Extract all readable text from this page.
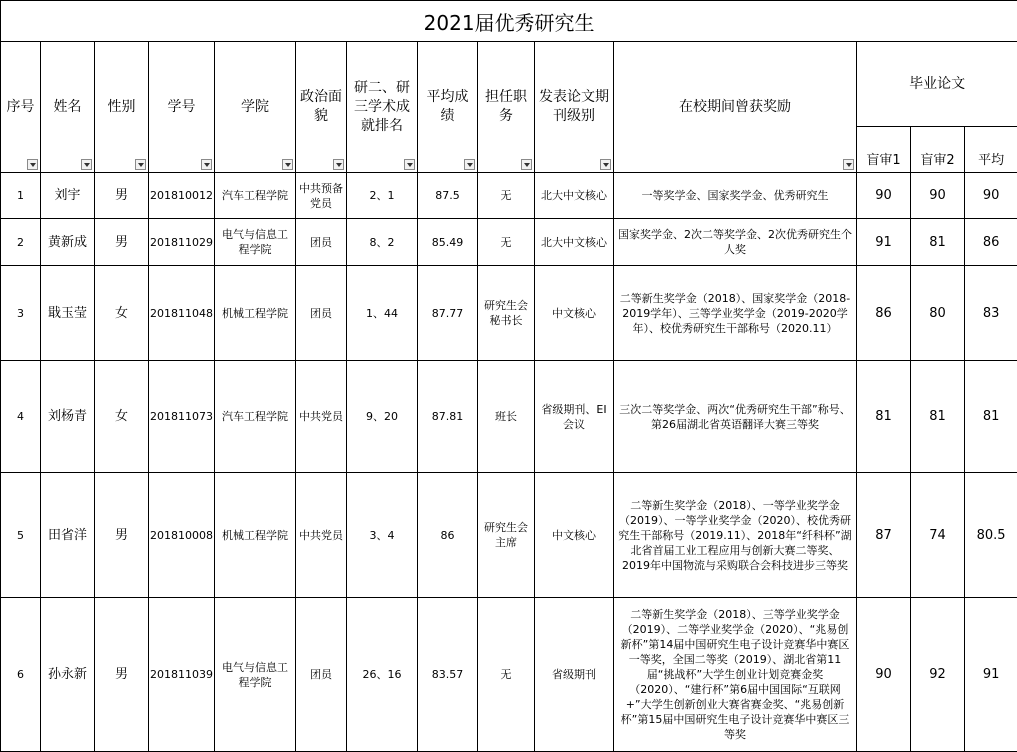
2021届优秀研究生													

序号	姓名	性别	学号	学院	政治面貌	研二、研三学术成就排名	平均成绩	担任职务	发表论文期刊级别	在校期间曾获奖励	毕业论文		

											盲审1	盲审2	平均

1	刘宇	男	201810012	汽车工程学院	中共预备党员	2、1	87.5	无	北大中文核心	一等奖学金、国家奖学金、优秀研究生	90	90	90
2	黄新成	男	201811029	电气与信息工程学院	团员	8、2	85.49	无	北大中文核心	国家奖学金、2次二等奖学金、2次优秀研究生个人奖	91	81	86
3	戢玉莹	女	201811048	机械工程学院	团员	1、44	87.77	研究生会秘书长	中文核心	二等新生奖学金（2018）、国家奖学金（2018-2019学年）、三等学业奖学金（2019-2020学年）、校优秀研究生干部称号（2020.11）	86	80	83
4	刘杨青	女	201811073	汽车工程学院	中共党员	9、20	87.81	班长	省级期刊、EI会议	三次二等奖学金、两次“优秀研究生干部”称号、第26届湖北省英语翻译大赛三等奖	81	81	81
5	田省洋	男	201810008	机械工程学院	中共党员	3、4	86	研究生会主席	中文核心	二等新生奖学金（2018）、一等学业奖学金（2019）、一等学业奖学金（2020）、校优秀研究生干部称号（2019.11）、2018年“纤科杯”湖北省首届工业工程应用与创新大赛二等奖、2019年中国物流与采购联合会科技进步三等奖	87	74	80.5
6	孙永新	男	201811039	电气与信息工程学院	团员	26、16	83.57	无	省级期刊	二等新生奖学金（2018）、三等学业奖学金（2019）、二等学业奖学金（2020）、“兆易创新杯”第14届中国研究生电子设计竞赛华中赛区一等奖，全国二等奖（2019）、湖北省第11届“挑战杯”大学生创业计划竞赛金奖（2020）、“建行杯”第6届中国国际“互联网+”大学生创新创业大赛省赛金奖、“兆易创新杯”第15届中国研究生电子设计竞赛华中赛区三等奖	90	92	91
